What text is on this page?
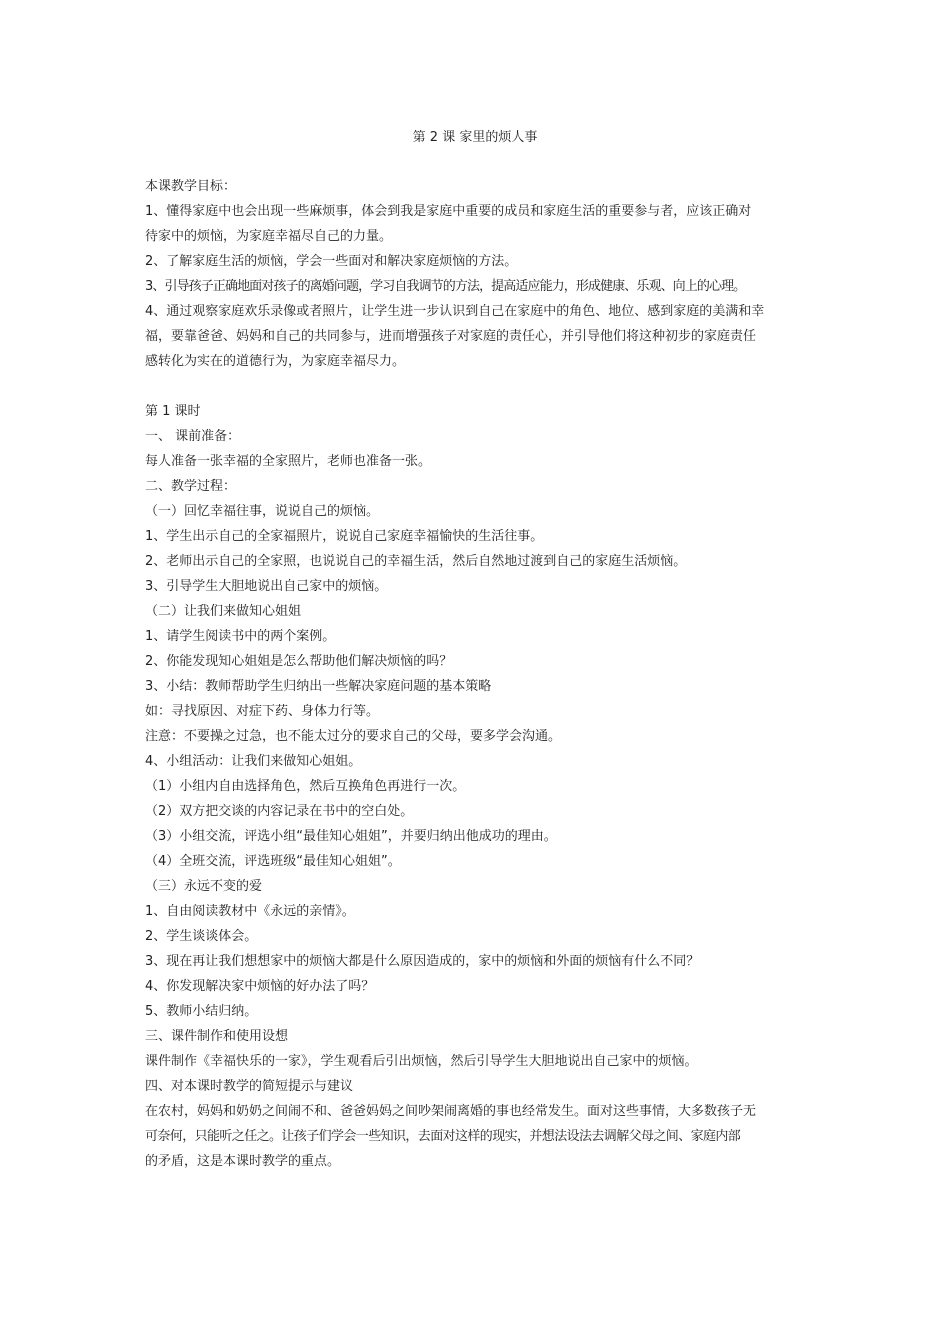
第 2 课 家里的烦人事
本课教学目标：
1、懂得家庭中也会出现一些麻烦事，体会到我是家庭中重要的成员和家庭生活的重要参与者，应该正确对
待家中的烦恼，为家庭幸福尽自己的力量。
2、了解家庭生活的烦恼，学会一些面对和解决家庭烦恼的方法。
3、引导孩子正确地面对孩子的离婚问题，学习自我调节的方法，提高适应能力，形成健康、乐观、向上的心理。
4、通过观察家庭欢乐录像或者照片，让学生进一步认识到自己在家庭中的角色、地位、感到家庭的美满和幸
福，要靠爸爸、妈妈和自己的共同参与，进而增强孩子对家庭的责任心，并引导他们将这种初步的家庭责任
感转化为实在的道德行为，为家庭幸福尽力。
第 1 课时
一、 课前准备：
每人准备一张幸福的全家照片，老师也准备一张。
二、教学过程：
（一）回忆幸福往事，说说自己的烦恼。
1、学生出示自己的全家福照片，说说自己家庭幸福愉快的生活往事。
2、老师出示自己的全家照，也说说自己的幸福生活，然后自然地过渡到自己的家庭生活烦恼。
3、引导学生大胆地说出自己家中的烦恼。
（二）让我们来做知心姐姐
1、请学生阅读书中的两个案例。
2、你能发现知心姐姐是怎么帮助他们解决烦恼的吗？
3、小结：教师帮助学生归纳出一些解决家庭问题的基本策略
如：寻找原因、对症下药、身体力行等。
注意：不要操之过急，也不能太过分的要求自己的父母，要多学会沟通。
4、小组活动：让我们来做知心姐姐。
（1）小组内自由选择角色，然后互换角色再进行一次。
（2）双方把交谈的内容记录在书中的空白处。
（3）小组交流，评选小组“最佳知心姐姐”，并要归纳出他成功的理由。
（4）全班交流，评选班级“最佳知心姐姐”。
（三）永远不变的爱
1、自由阅读教材中《永远的亲情》。
2、学生谈谈体会。
3、现在再让我们想想家中的烦恼大都是什么原因造成的，家中的烦恼和外面的烦恼有什么不同？
4、你发现解决家中烦恼的好办法了吗？
5、教师小结归纳。
三、课件制作和使用设想
课件制作《幸福快乐的一家》，学生观看后引出烦恼，然后引导学生大胆地说出自己家中的烦恼。
四、对本课时教学的简短提示与建议
在农村，妈妈和奶奶之间闹不和、爸爸妈妈之间吵架闹离婚的事也经常发生。面对这些事情，大多数孩子无
可奈何，只能听之任之。让孩子们学会一些知识，去面对这样的现实，并想法设法去调解父母之间、家庭内部
的矛盾，这是本课时教学的重点。
